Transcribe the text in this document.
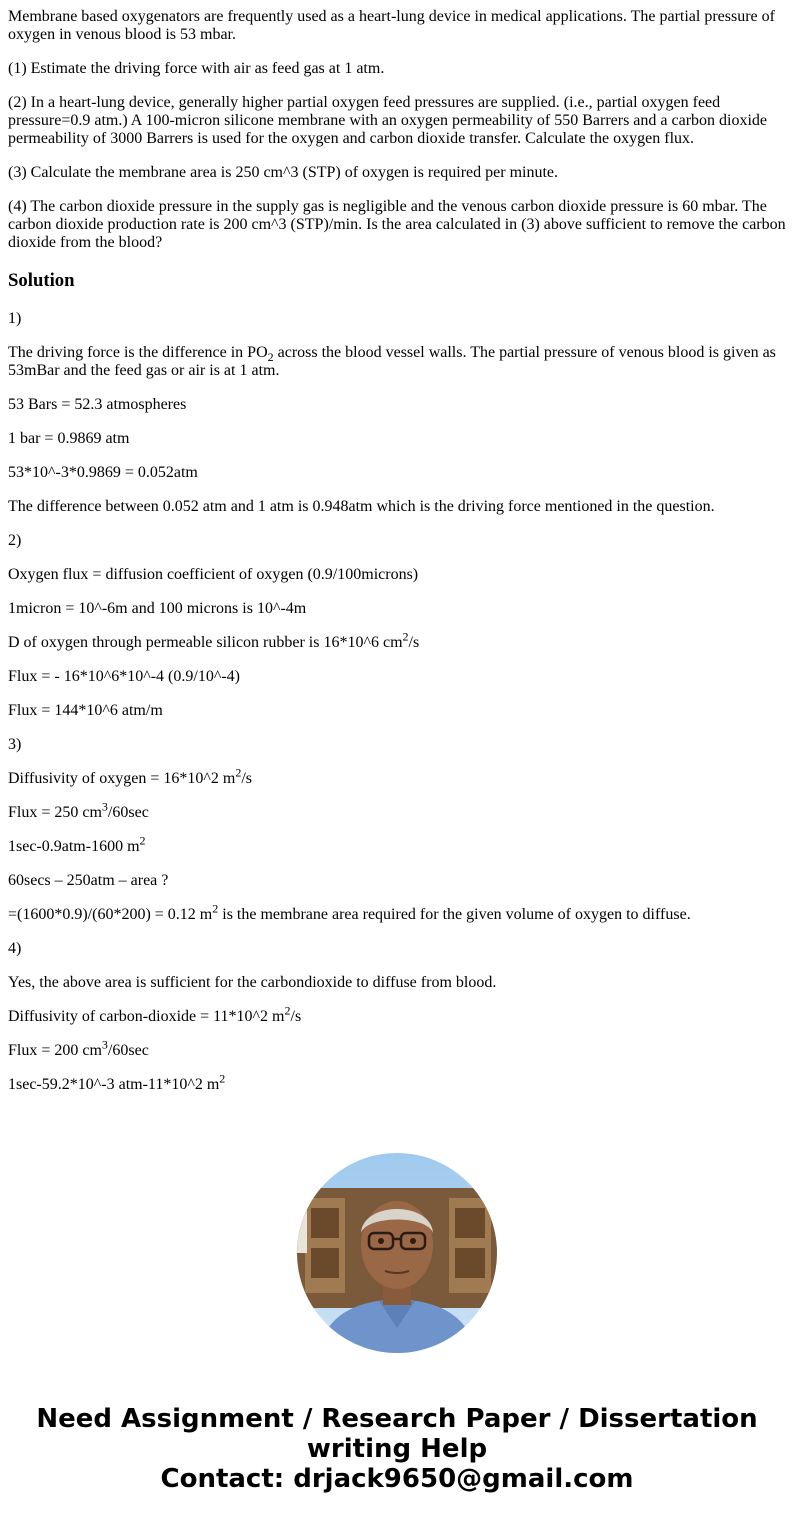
Membrane based oxygenators are frequently used as a heart-lung device in medical applications. The partial pressure of oxygen in venous blood is 53 mbar.

(1) Estimate the driving force with air as feed gas at 1 atm.

(2) In a heart-lung device, generally higher partial oxygen feed pressures are supplied. (i.e., partial oxygen feed pressure=0.9 atm.) A 100-micron silicone membrane with an oxygen permeability of 550 Barrers and a carbon dioxide permeability of 3000 Barrers is used for the oxygen and carbon dioxide transfer. Calculate the oxygen flux.

(3) Calculate the membrane area is 250 cm^3 (STP) of oxygen is required per minute.

(4) The carbon dioxide pressure in the supply gas is negligible and the venous carbon dioxide pressure is 60 mbar. The carbon dioxide production rate is 200 cm^3 (STP)/min. Is the area calculated in (3) above sufficient to remove the carbon dioxide from the blood?

Solution

1)

The driving force is the difference in $PO_2$ across the blood vessel walls. The partial pressure of venous blood is given as 53mBar and the feed gas or air is at 1 atm.

53 Bars = 52.3 atmospheres

1 bar = 0.9869 atm

53*10^-3*0.9869 = 0.052atm

The difference between 0.052 atm and 1 atm is 0.948atm which is the driving force mentioned in the question.

2)

Oxygen flux = diffusion coefficient of oxygen (0.9/100microns)

1micron = 10^-6m and 100 microns is 10^-4m

D of oxygen through permeable silicon rubber is 16*10^6 $cm^2/s$

Flux = - 16*10^6*10^-4 (0.9/10^-4)

Flux = 144*10^6 atm/m

3)

Diffusivity of oxygen = 16*10^2 $m^2/s$

Flux = 250 $cm^3/60\sec$

1sec-0.9atm-1600 $m^2$

60secs – 250atm – area ?

=(1600*0.9)/(60*200) = 0.12 $m^2$ is the membrane area required for the given volume of oxygen to diffuse.

4)

Yes, the above area is sufficient for the carbondioxide to diffuse from blood.

Diffusivity of carbon-dioxide = 11*10^2 $m^2/s$

Flux = 200 $cm^3/60\sec$

1sec-59.2*10^-3 atm-11*10^2 $m^2$

Need Assignment / Research Paper / Dissertation
writing Help
Contact: drjack9650@gmail.com
